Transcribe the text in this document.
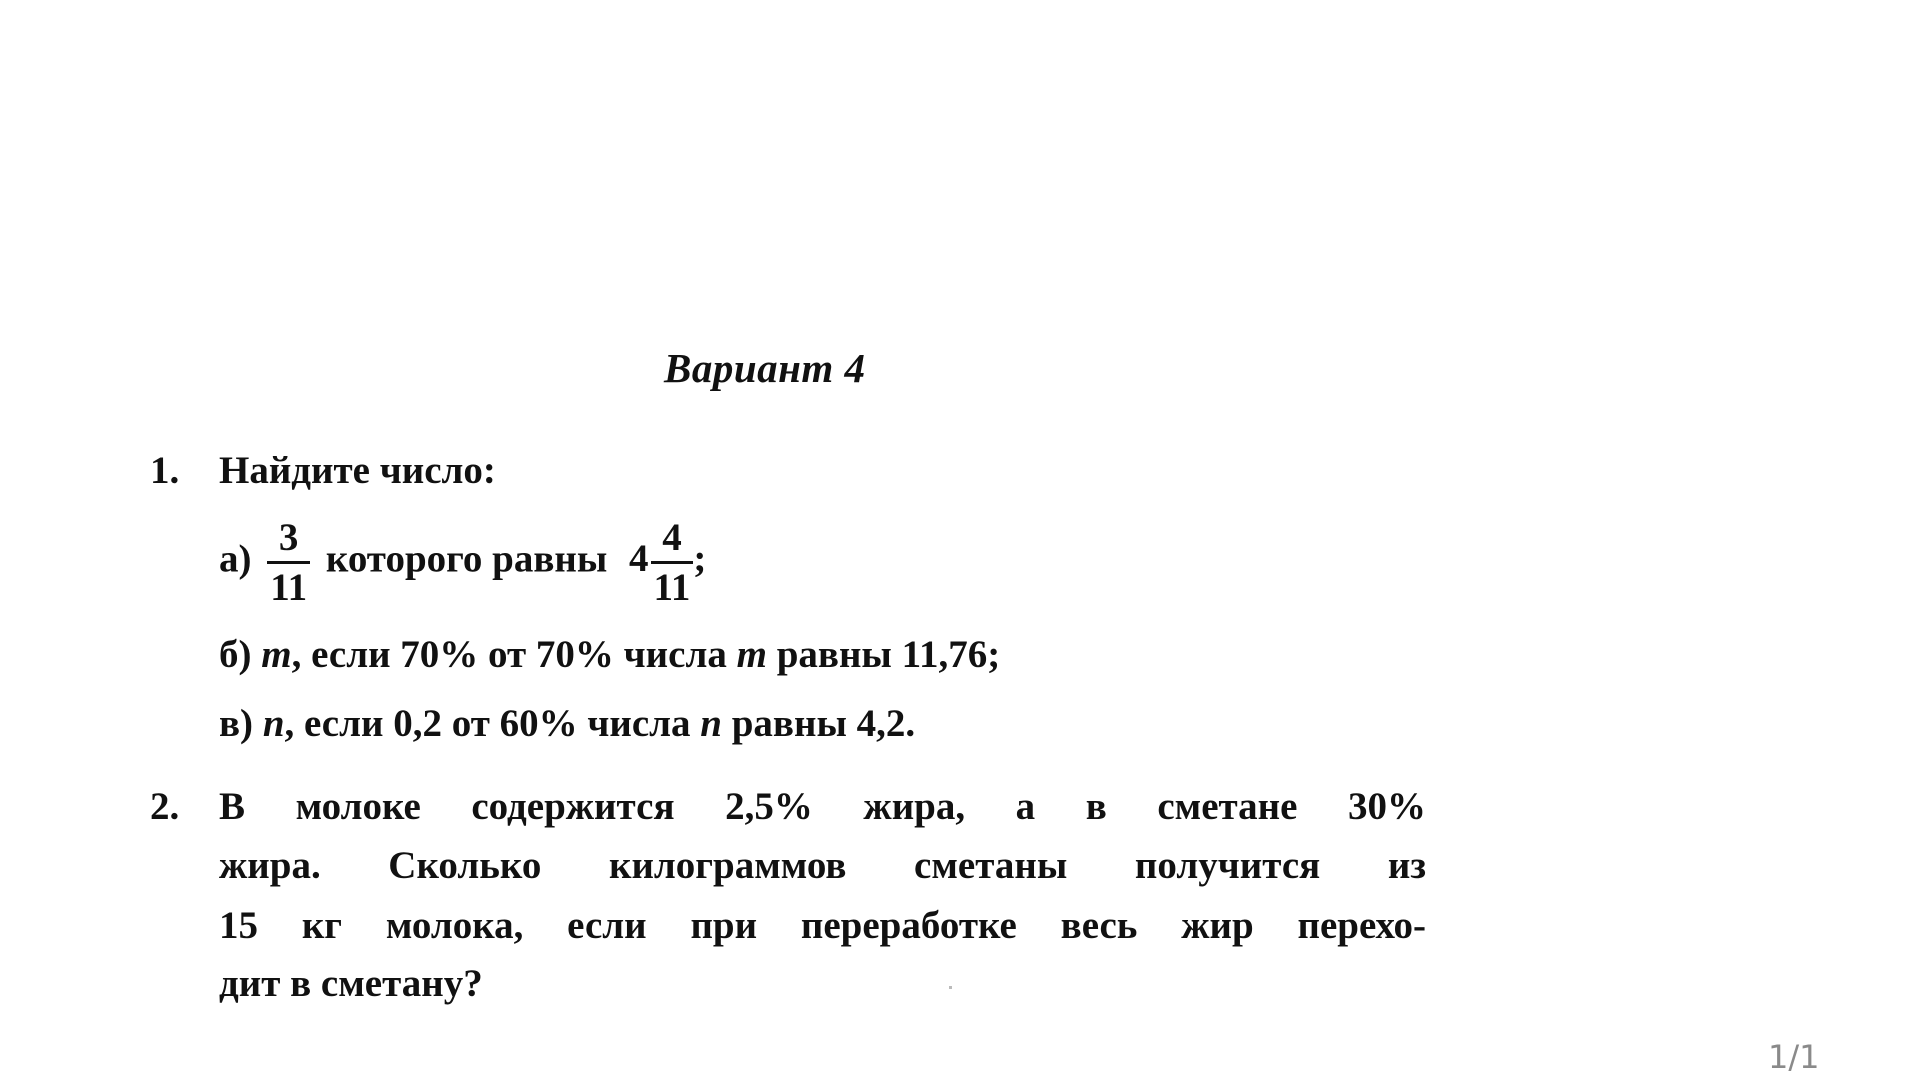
Вариант 4
1. Найдите число:
$а) \frac{3}{11}$ которого равны $4 \frac{4}{11}$ ;
б) m, если 70% от 70% числа m равны 11,76;
в) n, если 0,2 от 60% числа n равны 4,2.
2. В молоке содержится 2,5% жира, а в сметане 30%
жира. Сколько килограммов сметаны получится из
15 кг молока, если при переработке весь жир перехо-
дит в сметану?
1/1
